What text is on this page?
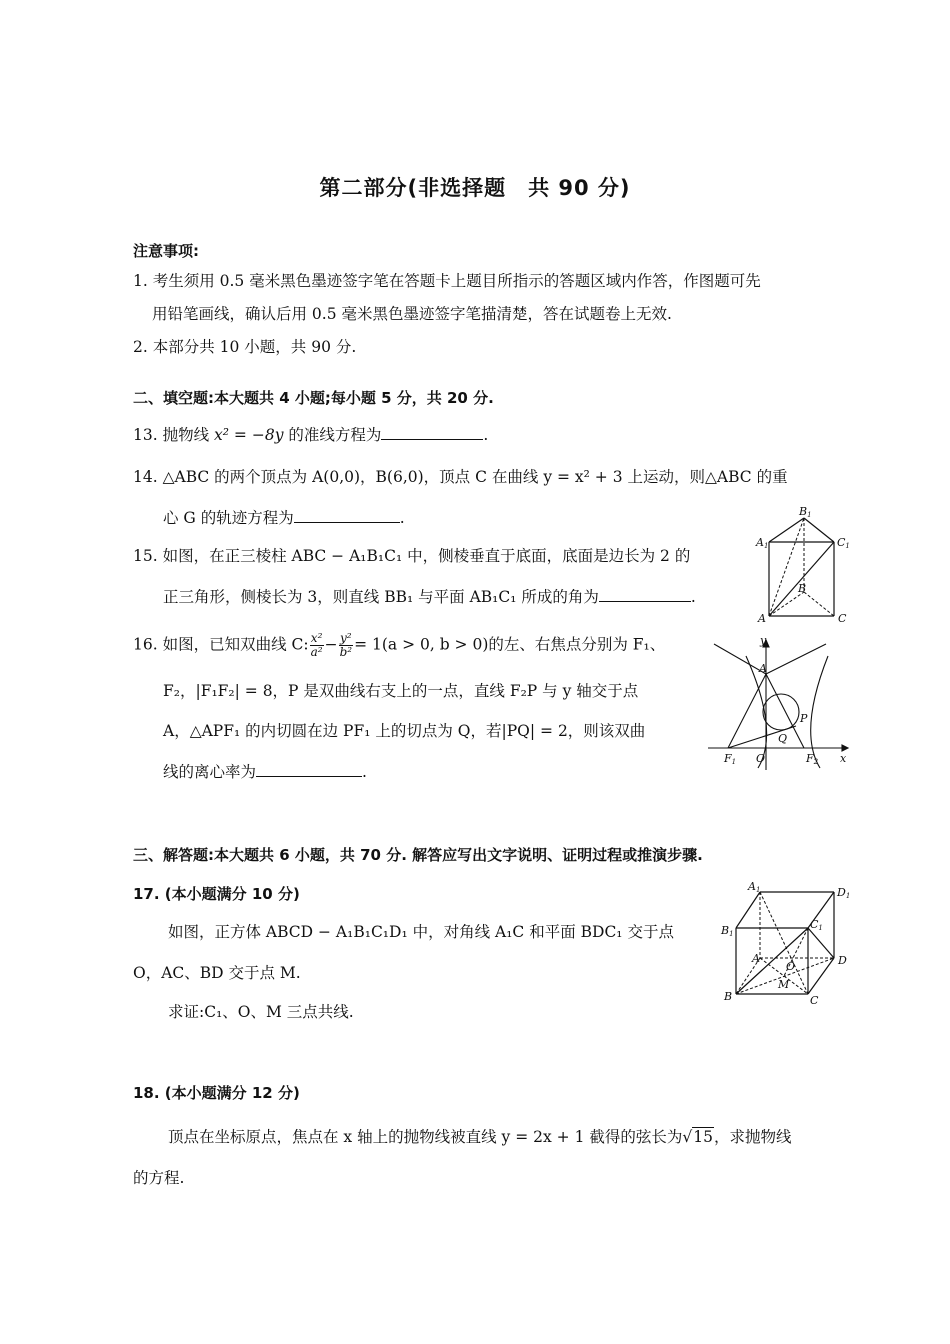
第二部分(非选择题　共 90 分)
注意事项:
1. 考生须用 0.5 毫米黑色墨迹签字笔在答题卡上题目所指示的答题区域内作答，作图题可先
用铅笔画线，确认后用 0.5 毫米黑色墨迹签字笔描清楚，答在试题卷上无效.
2. 本部分共 10 小题，共 90 分.
二、填空题:本大题共 4 小题;每小题 5 分，共 20 分.
13. 抛物线 x² = −8y 的准线方程为	.
14. △ABC 的两个顶点为 A(0,0)，B(6,0)，顶点 C 在曲线 y = x² + 3 上运动，则△ABC 的重
心 G 的轨迹方程为	.
15. 如图，在正三棱柱 ABC − A₁B₁C₁ 中，侧棱垂直于底面，底面是边长为 2 的
正三角形，侧棱长为 3，则直线 BB₁ 与平面 AB₁C₁ 所成的角为	.
A1
B1
C1
A
B
C
16. 如图，已知双曲线 C: $\frac{\text{x²}}{\text{a²}} - \frac{\text{y²}}{\text{b²}} = 1(a > 0$, b > 0)的左、右焦点分别为 F₁、
F₂，|F₁F₂| = 8，P 是双曲线右支上的一点，直线 F₂P 与 y 轴交于点
A，△APF₁ 的内切圆在边 PF₁ 上的切点为 Q，若|PQ| = 2，则该双曲
线的离心率为	.
y
A
P
Q
O
F1	F2 x
三、解答题:本大题共 6 小题，共 70 分. 解答应写出文字说明、证明过程或推演步骤.
17. (本小题满分 10 分)
如图，正方体 ABCD − A₁B₁C₁D₁ 中，对角线 A₁C 和平面 BDC₁ 交于点
O，AC、BD 交于点 M.
求证:C₁、O、M 三点共线.
A1	D1
B1
C1
A
O	D
M
B	C
18. (本小题满分 12 分)
顶点在坐标原点，焦点在 x 轴上的抛物线被直线 y = 2x + 1 截得的弦长为√15，求抛物线
的方程.
